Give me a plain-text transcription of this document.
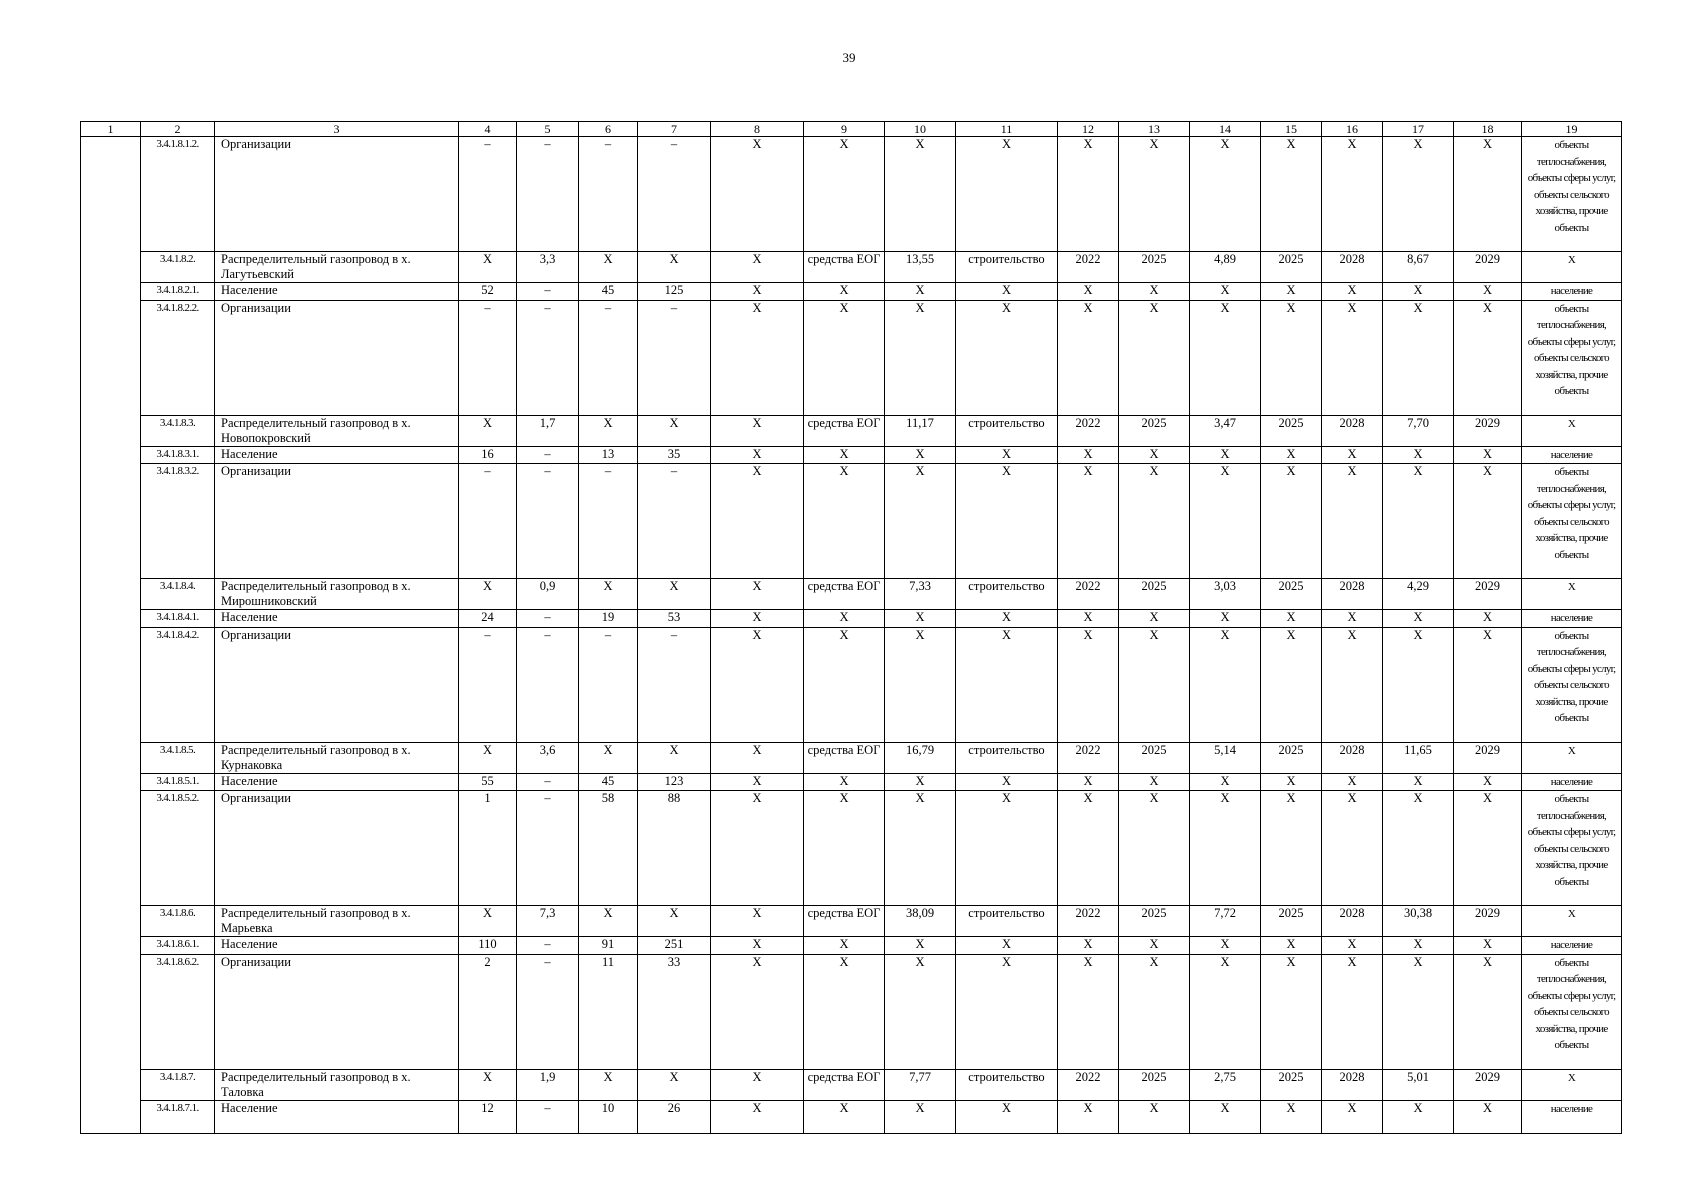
39
1	2	3	4	5	6	7	8	9	10	11	12	13	14	15	16	17	18	19
	3.4.1.8.1.2.	Организации	–	–	–	–	X	X	X	X	X	X	X	X	X	X	X	объекты теплоснабжения, объекты сферы услуг, объекты сельского хозяйства, прочие объекты
	3.4.1.8.2.	Распределительный газопровод в х. Лагутьевский	X	3,3	X	X	X	средства ЕОГ	13,55	строительство	2022	2025	4,89	2025	2028	8,67	2029	X
	3.4.1.8.2.1.	Население	52	–	45	125	X	X	X	X	X	X	X	X	X	X	X	население
	3.4.1.8.2.2.	Организации	–	–	–	–	X	X	X	X	X	X	X	X	X	X	X	объекты теплоснабжения, объекты сферы услуг, объекты сельского хозяйства, прочие объекты
	3.4.1.8.3.	Распределительный газопровод в х. Новопокровский	X	1,7	X	X	X	средства ЕОГ	11,17	строительство	2022	2025	3,47	2025	2028	7,70	2029	X
	3.4.1.8.3.1.	Население	16	–	13	35	X	X	X	X	X	X	X	X	X	X	X	население
	3.4.1.8.3.2.	Организации	–	–	–	–	X	X	X	X	X	X	X	X	X	X	X	объекты теплоснабжения, объекты сферы услуг, объекты сельского хозяйства, прочие объекты
	3.4.1.8.4.	Распределительный газопровод в х. Мирошниковский	X	0,9	X	X	X	средства ЕОГ	7,33	строительство	2022	2025	3,03	2025	2028	4,29	2029	X
	3.4.1.8.4.1.	Население	24	–	19	53	X	X	X	X	X	X	X	X	X	X	X	население
	3.4.1.8.4.2.	Организации	–	–	–	–	X	X	X	X	X	X	X	X	X	X	X	объекты теплоснабжения, объекты сферы услуг, объекты сельского хозяйства, прочие объекты
	3.4.1.8.5.	Распределительный газопровод в х. Курнаковка	X	3,6	X	X	X	средства ЕОГ	16,79	строительство	2022	2025	5,14	2025	2028	11,65	2029	X
	3.4.1.8.5.1.	Население	55	–	45	123	X	X	X	X	X	X	X	X	X	X	X	население
	3.4.1.8.5.2.	Организации	1	–	58	88	X	X	X	X	X	X	X	X	X	X	X	объекты теплоснабжения, объекты сферы услуг, объекты сельского хозяйства, прочие объекты
	3.4.1.8.6.	Распределительный газопровод в х. Марьевка	X	7,3	X	X	X	средства ЕОГ	38,09	строительство	2022	2025	7,72	2025	2028	30,38	2029	X
	3.4.1.8.6.1.	Население	110	–	91	251	X	X	X	X	X	X	X	X	X	X	X	население
	3.4.1.8.6.2.	Организации	2	–	11	33	X	X	X	X	X	X	X	X	X	X	X	объекты теплоснабжения, объекты сферы услуг, объекты сельского хозяйства, прочие объекты
	3.4.1.8.7.	Распределительный газопровод в х. Таловка	X	1,9	X	X	X	средства ЕОГ	7,77	строительство	2022	2025	2,75	2025	2028	5,01	2029	X
	3.4.1.8.7.1.	Население	12	–	10	26	X	X	X	X	X	X	X	X	X	X	X	население
